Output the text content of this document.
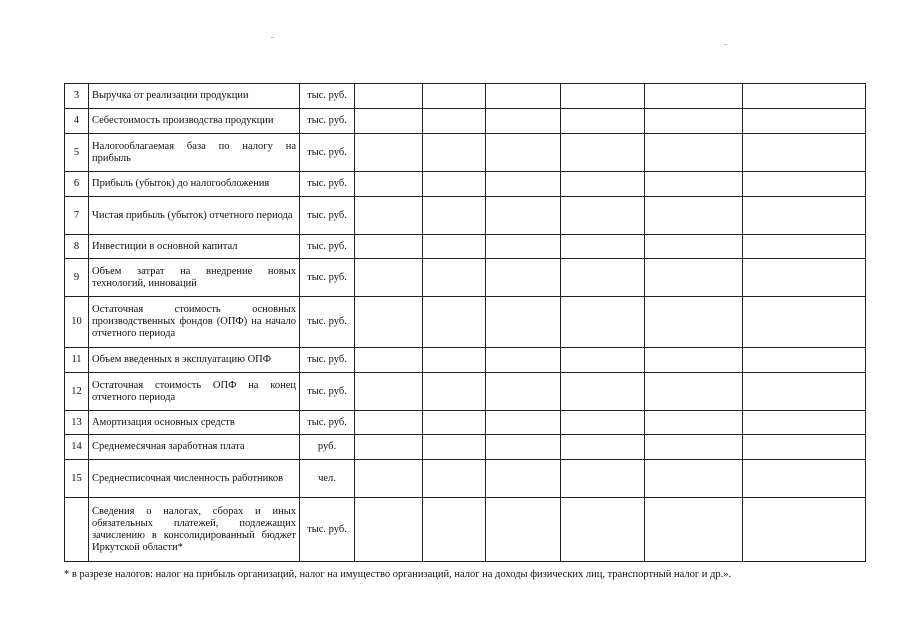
3	Выручка от реализации продукции	тыс. руб.						
4	Себестоимость производства продукции	тыс. руб.						
5	Налогооблагаемая база по налогу на прибыль	тыс. руб.						
6	Прибыль (убыток) до налогообложения	тыс. руб.						
7	Чистая прибыль (убыток) отчетного периода	тыс. руб.						
8	Инвестиции в основной капитал	тыс. руб.						
9	Объем затрат на внедрение новых технологий, инноваций	тыс. руб.						
10	Остаточная стоимость основных производственных фондов (ОПФ) на начало отчетного периода	тыс. руб.						
11	Объем введенных в эксплуатацию ОПФ	тыс. руб.						
12	Остаточная стоимость ОПФ на конец отчетного периода	тыс. руб.						
13	Амортизация основных средств	тыс. руб.						
14	Среднемесячная заработная плата	руб.						
15	Среднесписочная численность работников	чел.						
	Сведения о налогах, сборах и иных обязательных платежей, подлежащих зачислению в консолидированный бюджет Иркутской области*	тыс. руб.						
* в разрезе налогов: налог на прибыль организаций, налог на имущество организаций, налог на доходы физических лиц, транспортный налог и др.».
